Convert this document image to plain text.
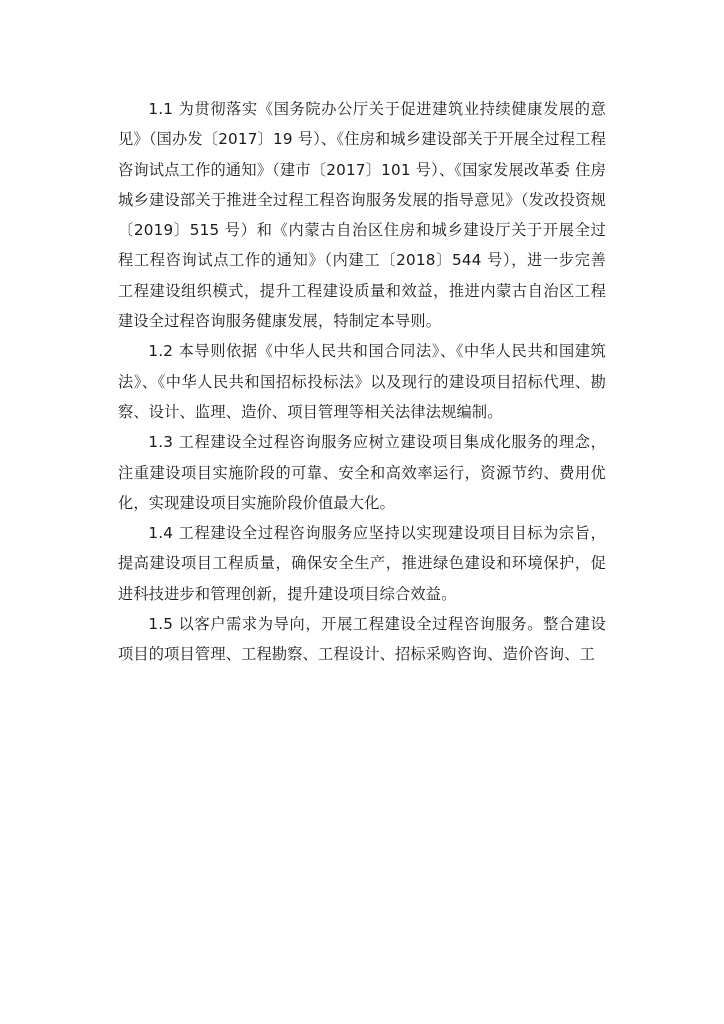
1.1 为贯彻落实《国务院办公厅关于促进建筑业持续健康发展的意见》（国办发〔2017〕19 号）、《住房和城乡建设部关于开展全过程工程咨询试点工作的通知》（建市〔2017〕101 号）、《国家发展改革委 住房城乡建设部关于推进全过程工程咨询服务发展的指导意见》（发改投资规〔2019〕515 号）和《内蒙古自治区住房和城乡建设厅关于开展全过程工程咨询试点工作的通知》（内建工〔2018〕544 号），进一步完善工程建设组织模式，提升工程建设质量和效益，推进内蒙古自治区工程建设全过程咨询服务健康发展，特制定本导则。

1.2 本导则依据《中华人民共和国合同法》、《中华人民共和国建筑法》、《中华人民共和国招标投标法》以及现行的建设项目招标代理、勘察、设计、监理、造价、项目管理等相关法律法规编制。

1.3 工程建设全过程咨询服务应树立建设项目集成化服务的理念，注重建设项目实施阶段的可靠、安全和高效率运行，资源节约、费用优化，实现建设项目实施阶段价值最大化。

1.4 工程建设全过程咨询服务应坚持以实现建设项目目标为宗旨，提高建设项目工程质量，确保安全生产，推进绿色建设和环境保护，促进科技进步和管理创新，提升建设项目综合效益。

1.5 以客户需求为导向，开展工程建设全过程咨询服务。整合建设项目的项目管理、工程勘察、工程设计、招标采购咨询、造价咨询、工
